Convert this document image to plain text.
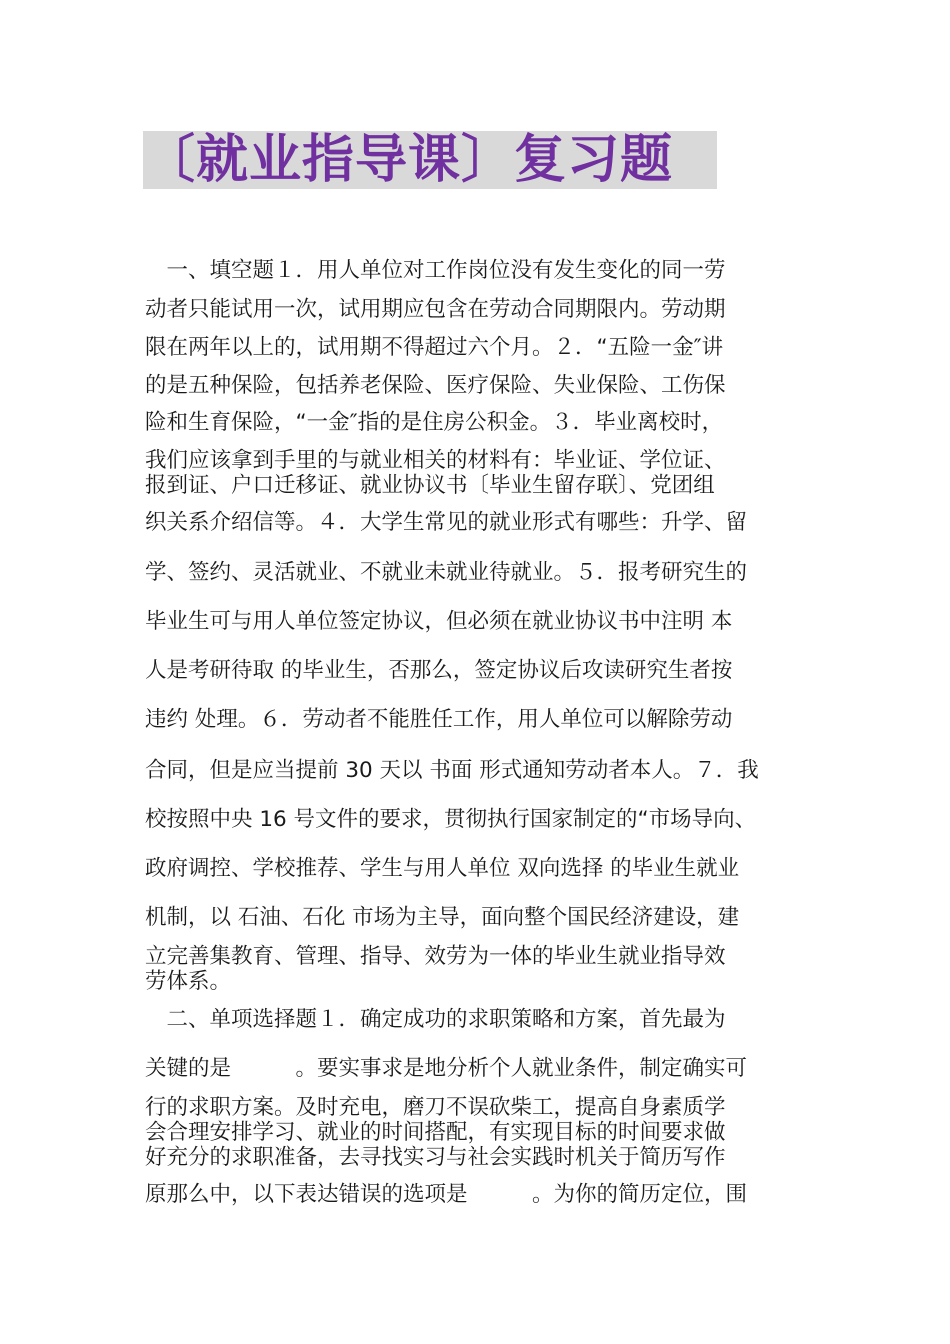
〔就业指导课〕复习题
　一、填空题１．用人单位对工作岗位没有发生变化的同一劳
动者只能试用一次，试用期应包含在劳动合同期限内。劳动期
限在两年以上的，试用期不得超过六个月。２．“五险一金″讲
的是五种保险，包括养老保险、医疗保险、失业保险、工伤保
险和生育保险，“一金″指的是住房公积金。３．毕业离校时，
我们应该拿到手里的与就业相关的材料有：毕业证、学位证、
报到证、户口迁移证、就业协议书〔毕业生留存联〕、党团组
织关系介绍信等。４．大学生常见的就业形式有哪些：升学、留
学、签约、灵活就业、不就业未就业待就业。５．报考研究生的
毕业生可与用人单位签定协议，但必须在就业协议书中注明 本
人是考研待取 的毕业生，否那么，签定协议后攻读研究生者按
违约 处理。６．劳动者不能胜任工作，用人单位可以解除劳动
合同，但是应当提前 30 天以 书面 形式通知劳动者本人。７．我
校按照中央 16 号文件的要求，贯彻执行国家制定的“市场导向、
政府调控、学校推荐、学生与用人单位 双向选择 的毕业生就业
机制，以 石油、石化 市场为主导，面向整个国民经济建设，建
立完善集教育、管理、指导、效劳为一体的毕业生就业指导效
劳体系。
　二、单项选择题１．确定成功的求职策略和方案，首先最为
关键的是　　　。要实事求是地分析个人就业条件，制定确实可
行的求职方案。及时充电，磨刀不误砍柴工，提高自身素质学
会合理安排学习、就业的时间搭配，有实现目标的时间要求做
好充分的求职准备，去寻找实习与社会实践时机关于简历写作
原那么中，以下表达错误的选项是　　　。为你的简历定位，围
